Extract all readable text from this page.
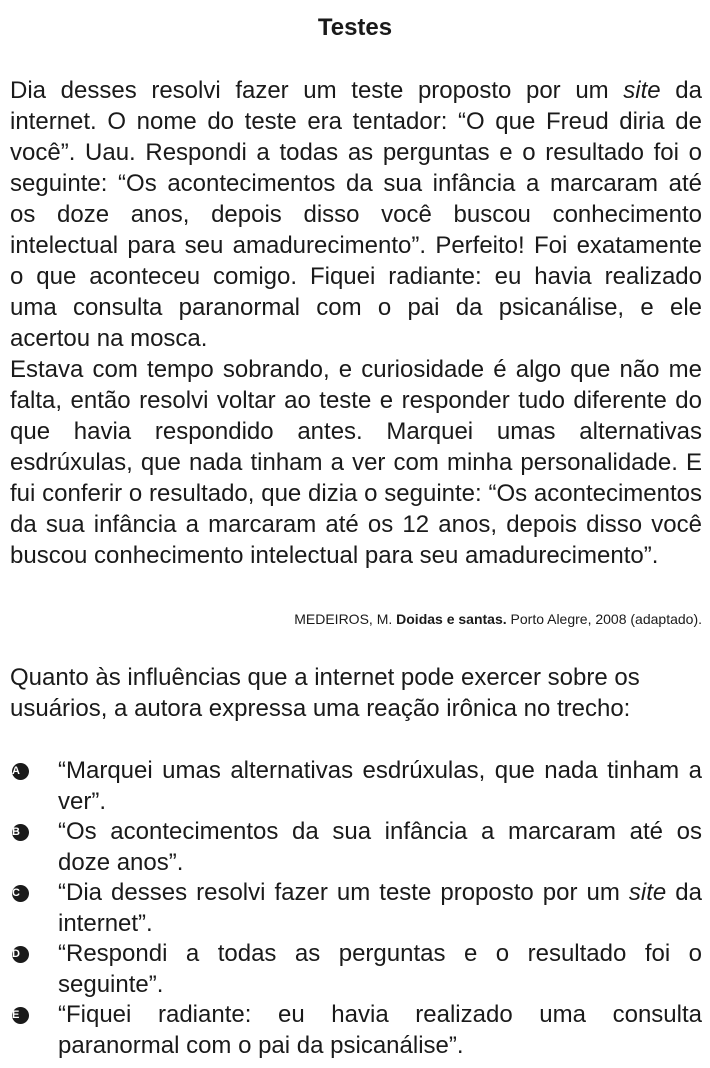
Testes

Dia desses resolvi fazer um teste proposto por um site da internet. O nome do teste era tentador: “O que Freud diria de você”. Uau. Respondi a todas as perguntas e o resultado foi o seguinte: “Os acontecimentos da sua infância a marcaram até os doze anos, depois disso você buscou conhecimento intelectual para seu amadurecimento”. Perfeito! Foi exatamente o que aconteceu comigo. Fiquei radiante: eu havia realizado uma consulta paranormal com o pai da psicanálise, e ele acertou na mosca.

Estava com tempo sobrando, e curiosidade é algo que não me falta, então resolvi voltar ao teste e responder tudo diferente do que havia respondido antes. Marquei umas alternativas esdrúxulas, que nada tinham a ver com minha personalidade. E fui conferir o resultado, que dizia o seguinte: “Os acontecimentos da sua infância a marcaram até os 12 anos, depois disso você buscou conhecimento intelectual para seu amadurecimento”.

MEDEIROS, M. Doidas e santas. Porto Alegre, 2008 (adaptado).

Quanto às influências que a internet pode exercer sobre os usuários, a autora expressa uma reação irônica no trecho:

A	“Marquei umas alternativas esdrúxulas, que nada tinham a ver”.
B	“Os acontecimentos da sua infância a marcaram até os doze anos”.
C	“Dia desses resolvi fazer um teste proposto por um site da internet”.
D	“Respondi a todas as perguntas e o resultado foi o seguinte”.
E	“Fiquei radiante: eu havia realizado uma consulta paranormal com o pai da psicanálise”.
